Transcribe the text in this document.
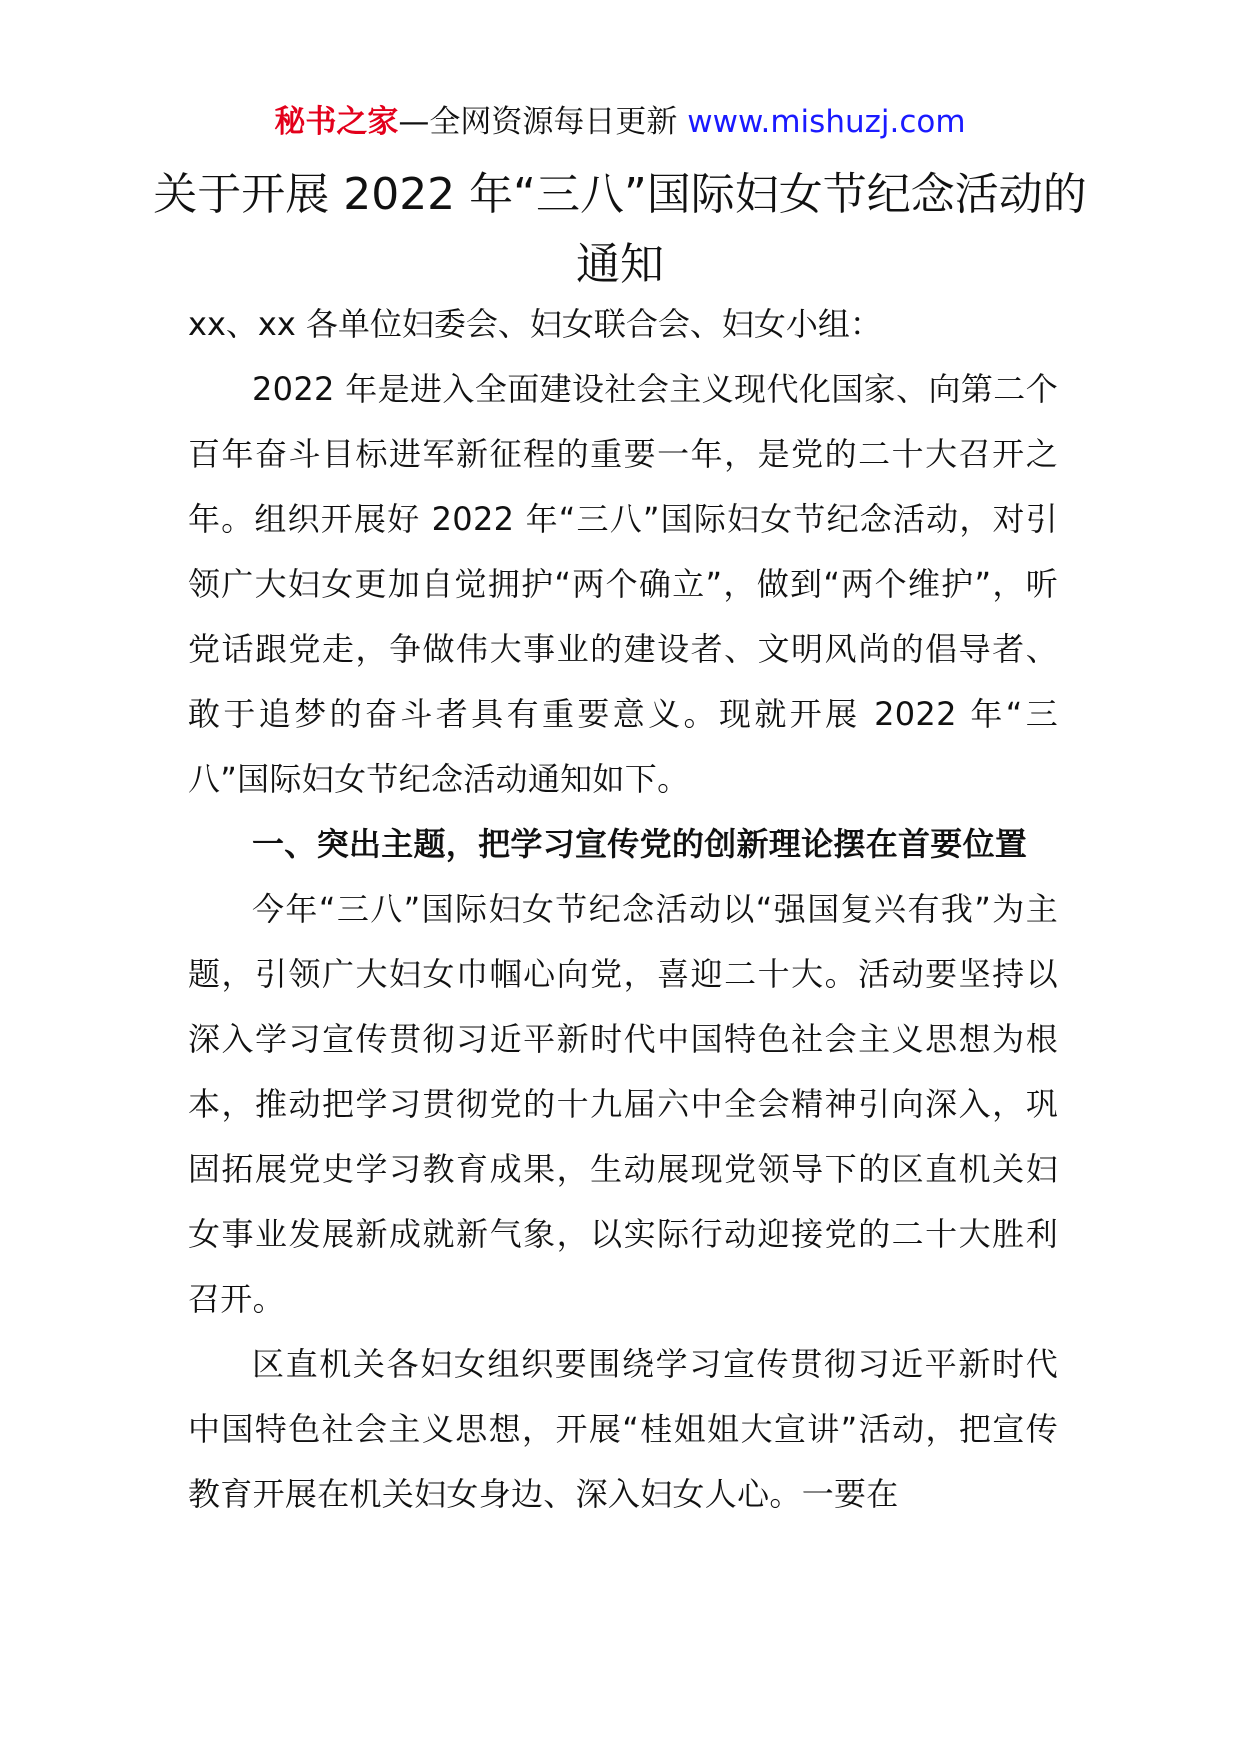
秘书之家—全网资源每日更新 www.mishuzj.com
关于开展 2022 年“三八”国际妇女节纪念活动的通知

xx、xx 各单位妇委会、妇女联合会、妇女小组：

2022 年是进入全面建设社会主义现代化国家、向第二个百年奋斗目标进军新征程的重要一年，是党的二十大召开之年。组织开展好 2022 年“三八”国际妇女节纪念活动，对引领广大妇女更加自觉拥护“两个确立”，做到“两个维护”，听党话跟党走，争做伟大事业的建设者、文明风尚的倡导者、敢于追梦的奋斗者具有重要意义。现就开展 2022 年“三八”国际妇女节纪念活动通知如下。

一、突出主题，把学习宣传党的创新理论摆在首要位置

今年“三八”国际妇女节纪念活动以“强国复兴有我”为主题，引领广大妇女巾帼心向党，喜迎二十大。活动要坚持以深入学习宣传贯彻习近平新时代中国特色社会主义思想为根本，推动把学习贯彻党的十九届六中全会精神引向深入，巩固拓展党史学习教育成果，生动展现党领导下的区直机关妇女事业发展新成就新气象，以实际行动迎接党的二十大胜利召开。

区直机关各妇女组织要围绕学习宣传贯彻习近平新时代中国特色社会主义思想，开展“桂姐姐大宣讲”活动，把宣传教育开展在机关妇女身边、深入妇女人心。一要在
